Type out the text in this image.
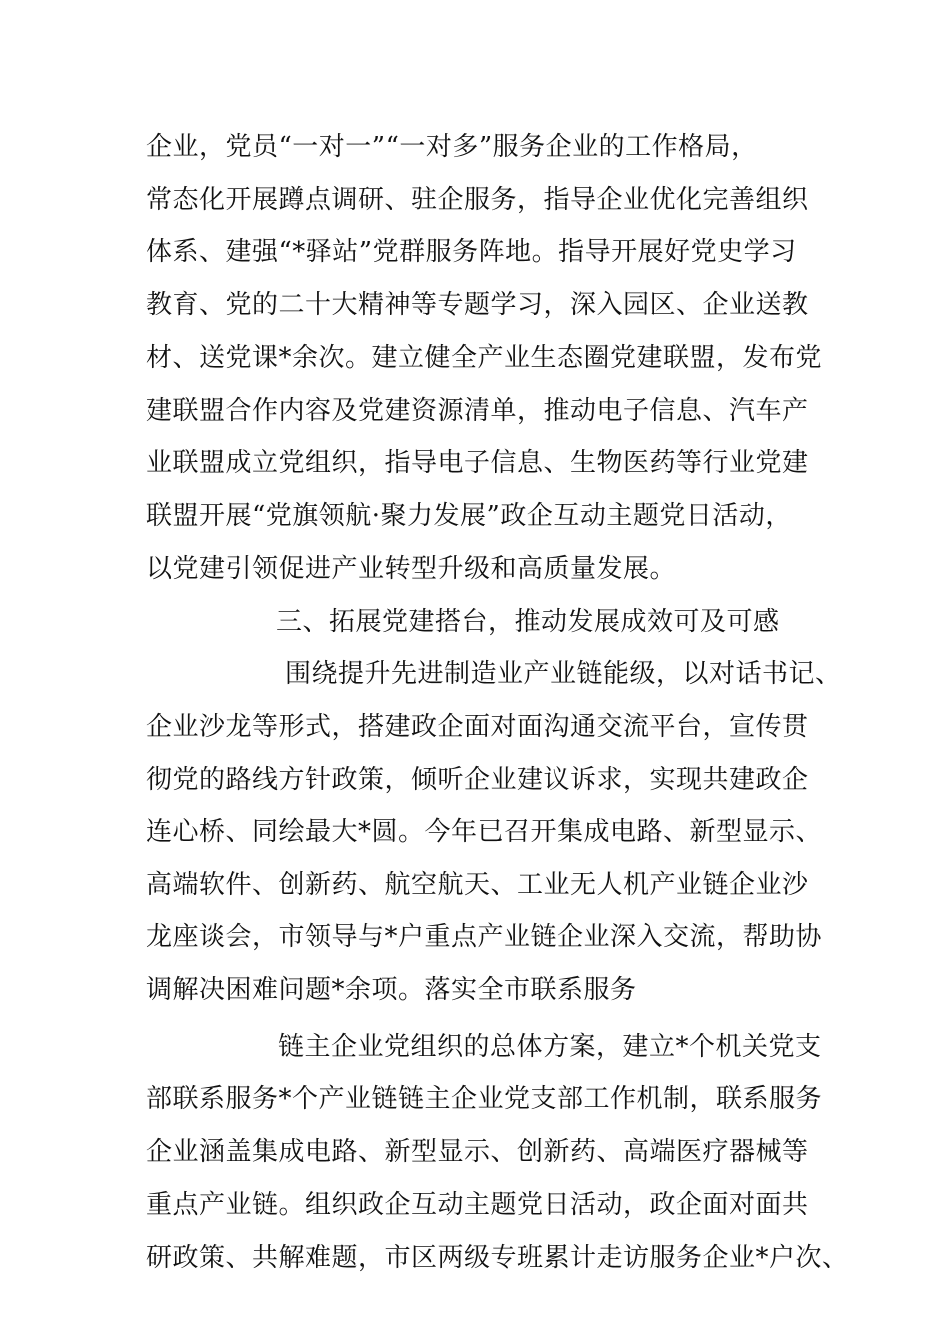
企业，党员“一对一”“一对多”服务企业的工作格局，
常态化开展蹲点调研、驻企服务，指导企业优化完善组织
体系、建强“*驿站”党群服务阵地。指导开展好党史学习
教育、党的二十大精神等专题学习，深入园区、企业送教
材、送党课*余次。建立健全产业生态圈党建联盟，发布党
建联盟合作内容及党建资源清单，推动电子信息、汽车产
业联盟成立党组织，指导电子信息、生物医药等行业党建
联盟开展“党旗领航·聚力发展”政企互动主题党日活动，
以党建引领促进产业转型升级和高质量发展。
三、拓展党建搭台，推动发展成效可及可感
围绕提升先进制造业产业链能级，以对话书记、
企业沙龙等形式，搭建政企面对面沟通交流平台，宣传贯
彻党的路线方针政策，倾听企业建议诉求，实现共建政企
连心桥、同绘最大*圆。今年已召开集成电路、新型显示、
高端软件、创新药、航空航天、工业无人机产业链企业沙
龙座谈会，市领导与*户重点产业链企业深入交流，帮助协
调解决困难问题*余项。落实全市联系服务
链主企业党组织的总体方案，建立*个机关党支
部联系服务*个产业链链主企业党支部工作机制，联系服务
企业涵盖集成电路、新型显示、创新药、高端医疗器械等
重点产业链。组织政企互动主题党日活动，政企面对面共
研政策、共解难题，市区两级专班累计走访服务企业*户次、
